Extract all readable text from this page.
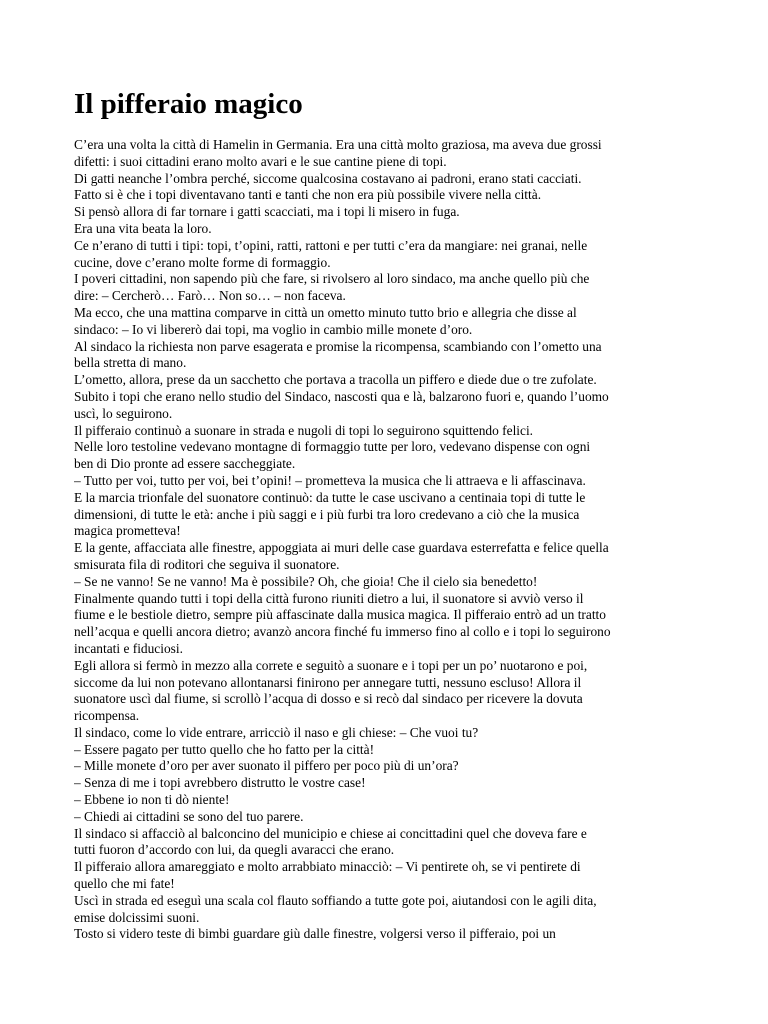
Il pifferaio magico
C’era una volta la città di Hamelin in Germania. Era una città molto graziosa, ma aveva due grossi
difetti: i suoi cittadini erano molto avari e le sue cantine piene di topi.
Di gatti neanche l’ombra perché, siccome qualcosina costavano ai padroni, erano stati cacciati.
Fatto si è che i topi diventavano tanti e tanti che non era più possibile vivere nella città.
Si pensò allora di far tornare i gatti scacciati, ma i topi li misero in fuga.
Era una vita beata la loro.
Ce n’erano di tutti i tipi: topi, t’opini, ratti, rattoni e per tutti c’era da mangiare: nei granai, nelle
cucine, dove c’erano molte forme di formaggio.
I poveri cittadini, non sapendo più che fare, si rivolsero al loro sindaco, ma anche quello più che
dire: – Cercherò… Farò… Non so… – non faceva.
Ma ecco, che una mattina comparve in città un ometto minuto tutto brio e allegria che disse al
sindaco: – Io vi libererò dai topi, ma voglio in cambio mille monete d’oro.
Al sindaco la richiesta non parve esagerata e promise la ricompensa, scambiando con l’ometto una
bella stretta di mano.
L’ometto, allora, prese da un sacchetto che portava a tracolla un piffero e diede due o tre zufolate.
Subito i topi che erano nello studio del Sindaco, nascosti qua e là, balzarono fuori e, quando l’uomo
uscì, lo seguirono.
Il pifferaio continuò a suonare in strada e nugoli di topi lo seguirono squittendo felici.
Nelle loro testoline vedevano montagne di formaggio tutte per loro, vedevano dispense con ogni
ben di Dio pronte ad essere saccheggiate.
– Tutto per voi, tutto per voi, bei t’opini! – prometteva la musica che li attraeva e li affascinava.
E la marcia trionfale del suonatore continuò: da tutte le case uscivano a centinaia topi di tutte le
dimensioni, di tutte le età: anche i più saggi e i più furbi tra loro credevano a ciò che la musica
magica prometteva!
E la gente, affacciata alle finestre, appoggiata ai muri delle case guardava esterrefatta e felice quella
smisurata fila di roditori che seguiva il suonatore.
– Se ne vanno! Se ne vanno! Ma è possibile? Oh, che gioia! Che il cielo sia benedetto!
Finalmente quando tutti i topi della città furono riuniti dietro a lui, il suonatore si avviò verso il
fiume e le bestiole dietro, sempre più affascinate dalla musica magica. Il pifferaio entrò ad un tratto
nell’acqua e quelli ancora dietro; avanzò ancora finché fu immerso fino al collo e i topi lo seguirono
incantati e fiduciosi.
Egli allora si fermò in mezzo alla correte e seguitò a suonare e i topi per un po’ nuotarono e poi,
siccome da lui non potevano allontanarsi finirono per annegare tutti, nessuno escluso! Allora il
suonatore uscì dal fiume, si scrollò l’acqua di dosso e si recò dal sindaco per ricevere la dovuta
ricompensa.
Il sindaco, come lo vide entrare, arricciò il naso e gli chiese: – Che vuoi tu?
– Essere pagato per tutto quello che ho fatto per la città!
– Mille monete d’oro per aver suonato il piffero per poco più di un’ora?
– Senza di me i topi avrebbero distrutto le vostre case!
– Ebbene io non ti dò niente!
– Chiedi ai cittadini se sono del tuo parere.
Il sindaco si affacciò al balconcino del municipio e chiese ai concittadini quel che doveva fare e
tutti fuoron d’accordo con lui, da quegli avaracci che erano.
Il pifferaio allora amareggiato e molto arrabbiato minacciò: – Vi pentirete oh, se vi pentirete di
quello che mi fate!
Uscì in strada ed eseguì una scala col flauto soffiando a tutte gote poi, aiutandosi con le agili dita,
emise dolcissimi suoni.
Tosto si videro teste di bimbi guardare giù dalle finestre, volgersi verso il pifferaio, poi un
